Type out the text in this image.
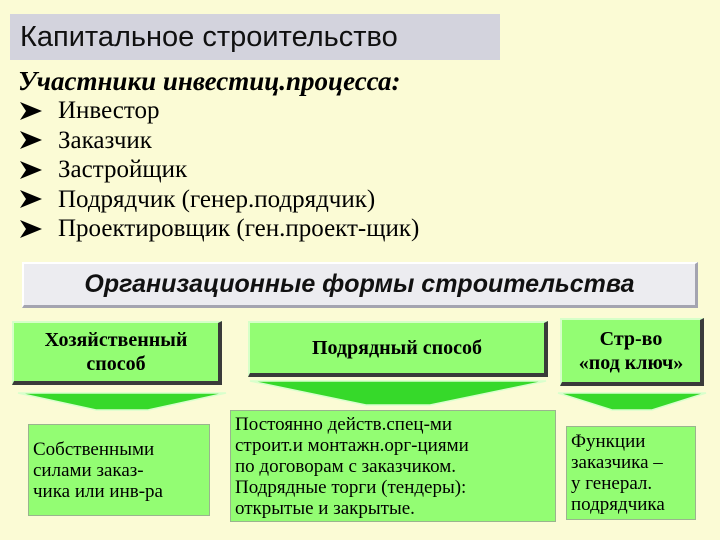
Капитальное строительство
Участники инвестиц.процесса:
Инвестор
Заказчик
Застройщик
Подрядчик (генер.подрядчик)
Проектировщик (ген.проект-щик)
Организационные формы строительства
Хозяйственный
способ
Собственными
силами заказ-
чика или инв-ра
Подрядный способ
Постоянно действ.спец-ми
строит.и монтажн.орг-циями
по договорам с заказчиком.
Подрядные торги (тендеры):
открытые и закрытые.
Стр-во
«под ключ»
Функции
заказчика –
у генерал.
подрядчика
